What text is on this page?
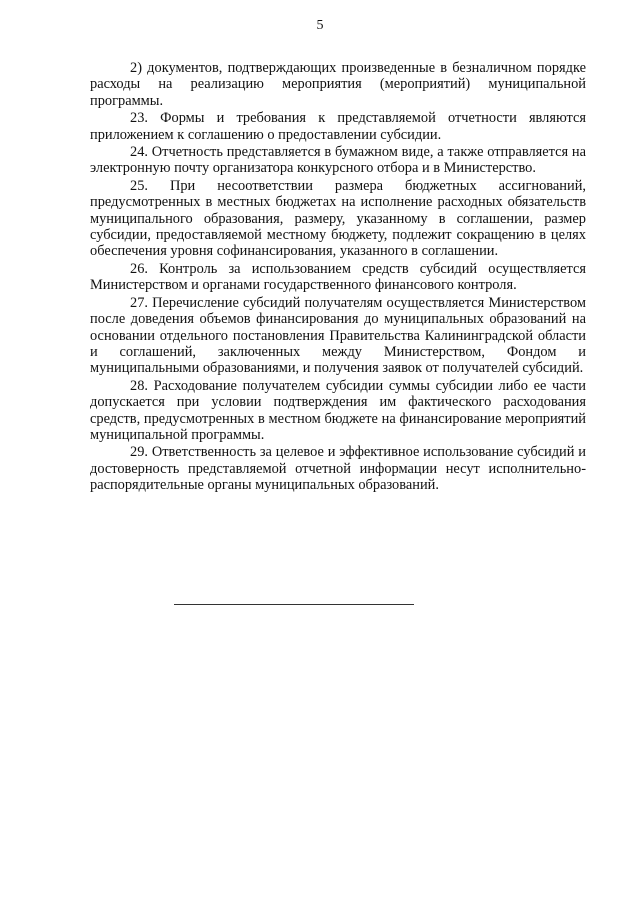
5

2) документов, подтверждающих произведенные в безналичном порядке расходы на реализацию мероприятия (мероприятий) муниципальной программы.

23. Формы и требования к представляемой отчетности являются приложением к соглашению о предоставлении субсидии.

24. Отчетность представляется в бумажном виде, а также отправляется на электронную почту организатора конкурсного отбора и в Министерство.

25. При несоответствии размера бюджетных ассигнований, предусмотренных в местных бюджетах на исполнение расходных обязательств муниципального образования, размеру, указанному в соглашении, размер субсидии, предоставляемой местному бюджету, подлежит сокращению в целях обеспечения уровня софинансирования, указанного в соглашении.

26. Контроль за использованием средств субсидий осуществляется Министерством и органами государственного финансового контроля.

27. Перечисление субсидий получателям осуществляется Министерством после доведения объемов финансирования до муниципальных образований на основании отдельного постановления Правительства Калининградской области и соглашений, заключенных между Министерством, Фондом и муниципальными образованиями, и получения заявок от получателей субсидий.

28. Расходование получателем субсидии суммы субсидии либо ее части допускается при условии подтверждения им фактического расходования средств, предусмотренных в местном бюджете на финансирование мероприятий муниципальной программы.

29. Ответственность за целевое и эффективное использование субсидий и достоверность представляемой отчетной информации несут исполнительно-распорядительные органы муниципальных образований.
